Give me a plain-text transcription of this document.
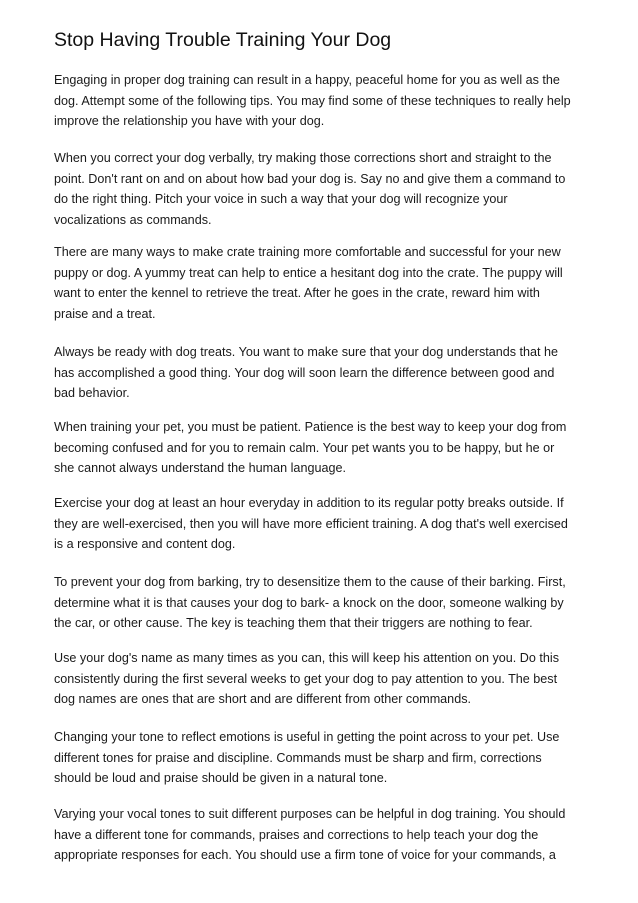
Stop Having Trouble Training Your Dog

Engaging in proper dog training can result in a happy, peaceful home for you as well as the
dog. Attempt some of the following tips. You may find some of these techniques to really help
improve the relationship you have with your dog.

When you correct your dog verbally, try making those corrections short and straight to the
point. Don't rant on and on about how bad your dog is. Say no and give them a command to
do the right thing. Pitch your voice in such a way that your dog will recognize your
vocalizations as commands.

There are many ways to make crate training more comfortable and successful for your new
puppy or dog. A yummy treat can help to entice a hesitant dog into the crate. The puppy will
want to enter the kennel to retrieve the treat. After he goes in the crate, reward him with
praise and a treat.

Always be ready with dog treats. You want to make sure that your dog understands that he
has accomplished a good thing. Your dog will soon learn the difference between good and
bad behavior.

When training your pet, you must be patient. Patience is the best way to keep your dog from
becoming confused and for you to remain calm. Your pet wants you to be happy, but he or
she cannot always understand the human language.

Exercise your dog at least an hour everyday in addition to its regular potty breaks outside. If
they are well-exercised, then you will have more efficient training. A dog that's well exercised
is a responsive and content dog.

To prevent your dog from barking, try to desensitize them to the cause of their barking. First,
determine what it is that causes your dog to bark- a knock on the door, someone walking by
the car, or other cause. The key is teaching them that their triggers are nothing to fear.

Use your dog's name as many times as you can, this will keep his attention on you. Do this
consistently during the first several weeks to get your dog to pay attention to you. The best
dog names are ones that are short and are different from other commands.

Changing your tone to reflect emotions is useful in getting the point across to your pet. Use
different tones for praise and discipline. Commands must be sharp and firm, corrections
should be loud and praise should be given in a natural tone.

Varying your vocal tones to suit different purposes can be helpful in dog training. You should
have a different tone for commands, praises and corrections to help teach your dog the
appropriate responses for each. You should use a firm tone of voice for your commands, a
